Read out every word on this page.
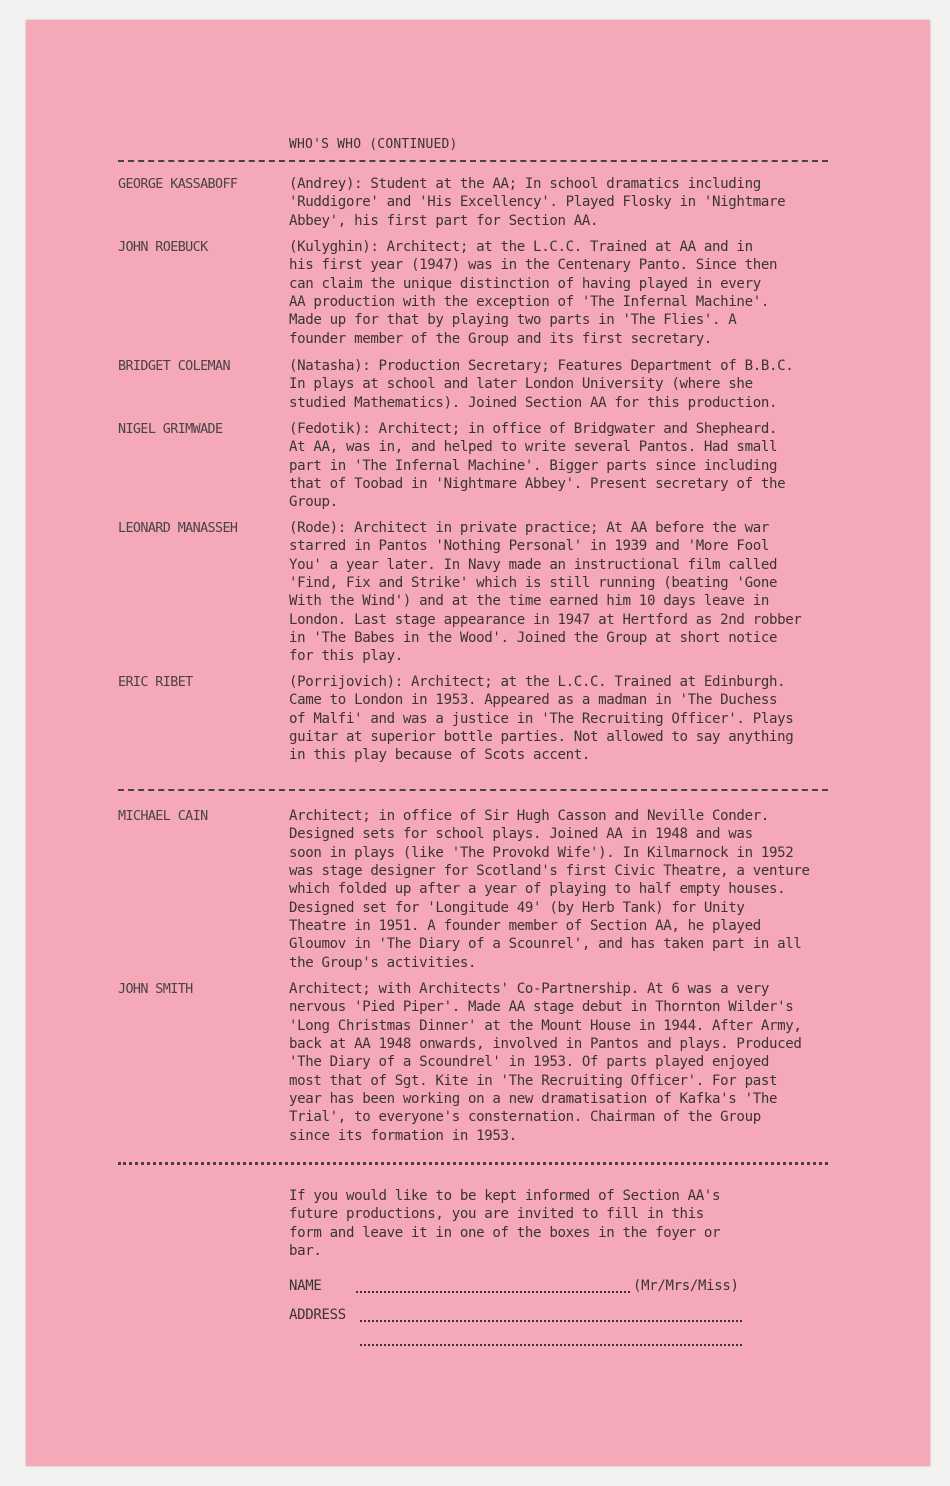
WHO'S WHO (CONTINUED)
GEORGE KASSABOFF	(Andrey): Student at the AA; In school dramatics including
'Ruddigore' and 'His Excellency'. Played Flosky in 'Nightmare
Abbey', his first part for Section AA.

JOHN ROEBUCK	(Kulyghin): Architect; at the L.C.C. Trained at AA and in
his first year (1947) was in the Centenary Panto. Since then
can claim the unique distinction of having played in every
AA production with the exception of 'The Infernal Machine'.
Made up for that by playing two parts in 'The Flies'. A
founder member of the Group and its first secretary.

BRIDGET COLEMAN	(Natasha): Production Secretary; Features Department of B.B.C.
In plays at school and later London University (where she
studied Mathematics). Joined Section AA for this production.

NIGEL GRIMWADE	(Fedotik): Architect; in office of Bridgwater and Shepheard.
At AA, was in, and helped to write several Pantos. Had small
part in 'The Infernal Machine'. Bigger parts since including
that of Toobad in 'Nightmare Abbey'. Present secretary of the
Group.

LEONARD MANASSEH	(Rode): Architect in private practice; At AA before the war
starred in Pantos 'Nothing Personal' in 1939 and 'More Fool
You' a year later. In Navy made an instructional film called
'Find, Fix and Strike' which is still running (beating 'Gone
With the Wind') and at the time earned him 10 days leave in
London. Last stage appearance in 1947 at Hertford as 2nd robber
in 'The Babes in the Wood'. Joined the Group at short notice
for this play.

ERIC RIBET	(Porrijovich): Architect; at the L.C.C. Trained at Edinburgh.
Came to London in 1953. Appeared as a madman in 'The Duchess
of Malfi' and was a justice in 'The Recruiting Officer'. Plays
guitar at superior bottle parties. Not allowed to say anything
in this play because of Scots accent.

MICHAEL CAIN	Architect; in office of Sir Hugh Casson and Neville Conder.
Designed sets for school plays. Joined AA in 1948 and was
soon in plays (like 'The Provokd Wife'). In Kilmarnock in 1952
was stage designer for Scotland's first Civic Theatre, a venture
which folded up after a year of playing to half empty houses.
Designed set for 'Longitude 49' (by Herb Tank) for Unity
Theatre in 1951. A founder member of Section AA, he played
Gloumov in 'The Diary of a Scounrel', and has taken part in all
the Group's activities.

JOHN SMITH	Architect; with Architects' Co-Partnership. At 6 was a very
nervous 'Pied Piper'. Made AA stage debut in Thornton Wilder's
'Long Christmas Dinner' at the Mount House in 1944. After Army,
back at AA 1948 onwards, involved in Pantos and plays. Produced
'The Diary of a Scoundrel' in 1953. Of parts played enjoyed
most that of Sgt. Kite in 'The Recruiting Officer'. For past
year has been working on a new dramatisation of Kafka's 'The
Trial', to everyone's consternation. Chairman of the Group
since its formation in 1953.

If you would like to be kept informed of Section AA's
future productions, you are invited to fill in this
form and leave it in one of the boxes in the foyer or
bar.

NAME	(Mr/Mrs/Miss)
ADDRESS
